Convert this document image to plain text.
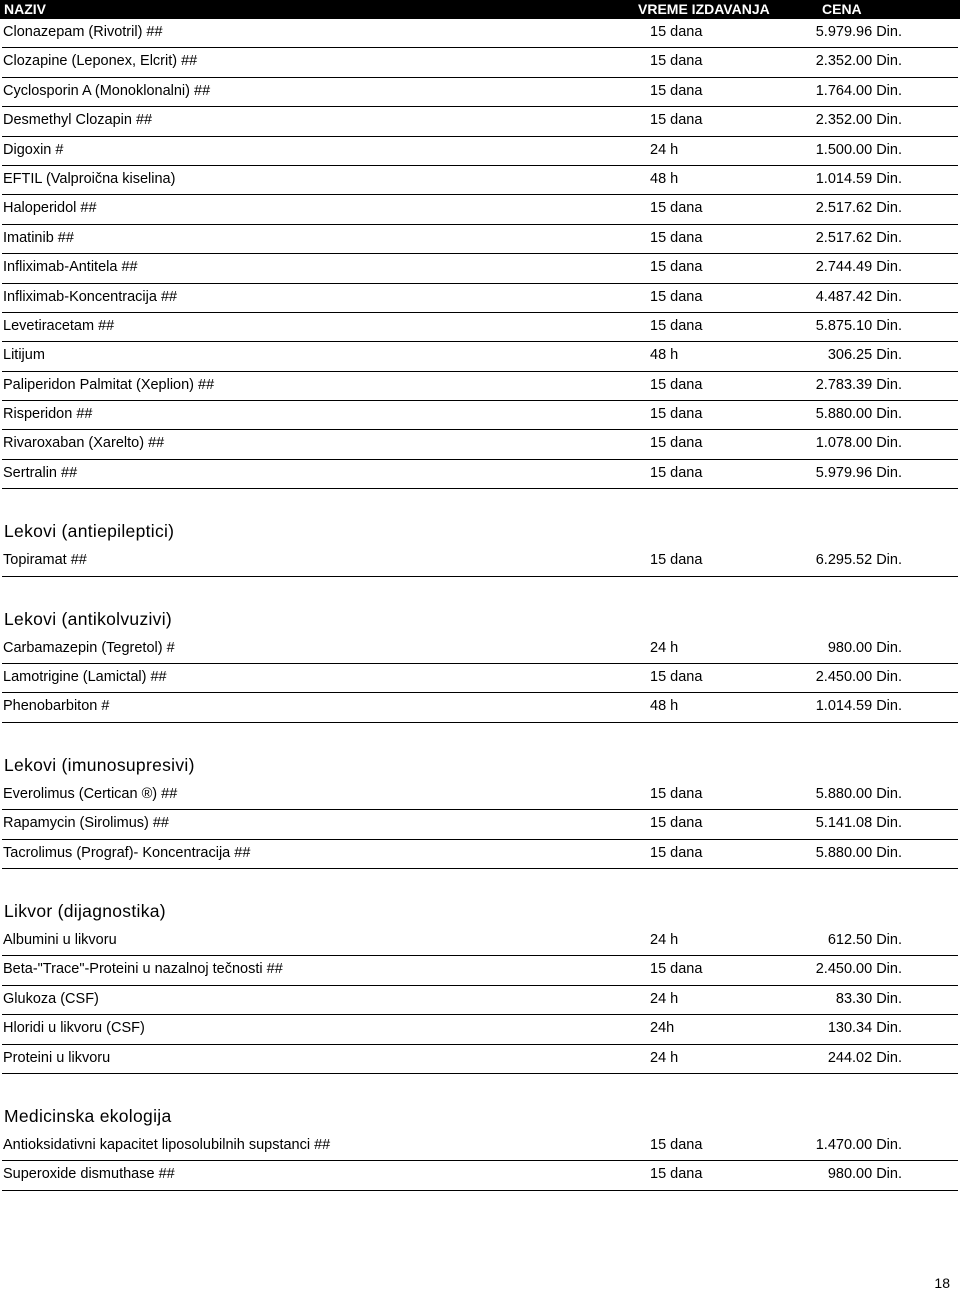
NAZIV	VREME IZDAVANJA	CENA
Clonazepam (Rivotril) ##	15 dana	5.979.96 Din.
Clozapine (Leponex, Elcrit) ##	15 dana	2.352.00 Din.
Cyclosporin A (Monoklonalni) ##	15 dana	1.764.00 Din.
Desmethyl Clozapin ##	15 dana	2.352.00 Din.
Digoxin #	24 h	1.500.00 Din.
EFTIL (Valproična kiselina)	48 h	1.014.59 Din.
Haloperidol ##	15 dana	2.517.62 Din.
Imatinib ##	15 dana	2.517.62 Din.
Infliximab-Antitela ##	15 dana	2.744.49 Din.
Infliximab-Koncentracija ##	15 dana	4.487.42 Din.
Levetiracetam ##	15 dana	5.875.10 Din.
Litijum	48 h	306.25 Din.
Paliperidon Palmitat (Xeplion) ##	15 dana	2.783.39 Din.
Risperidon ##	15 dana	5.880.00 Din.
Rivaroxaban (Xarelto) ##	15 dana	1.078.00 Din.
Sertralin ##	15 dana	5.979.96 Din.
Lekovi (antiepileptici)
Topiramat ##	15 dana	6.295.52 Din.
Lekovi (antikolvuzivi)
Carbamazepin (Tegretol) #	24 h	980.00 Din.
Lamotrigine (Lamictal) ##	15 dana	2.450.00 Din.
Phenobarbiton #	48 h	1.014.59 Din.
Lekovi (imunosupresivi)
Everolimus (Certican ®) ##	15 dana	5.880.00 Din.
Rapamycin (Sirolimus) ##	15 dana	5.141.08 Din.
Tacrolimus (Prograf)- Koncentracija ##	15 dana	5.880.00 Din.
Likvor (dijagnostika)
Albumini u likvoru	24 h	612.50 Din.
Beta-"Trace"-Proteini u nazalnoj tečnosti ##	15 dana	2.450.00 Din.
Glukoza (CSF)	24 h	83.30 Din.
Hloridi u likvoru (CSF)	24h	130.34 Din.
Proteini u likvoru	24 h	244.02 Din.
Medicinska ekologija
Antioksidativni kapacitet liposolubilnih supstanci ##	15 dana	1.470.00 Din.
Superoxide dismuthase ##	15 dana	980.00 Din.
18
